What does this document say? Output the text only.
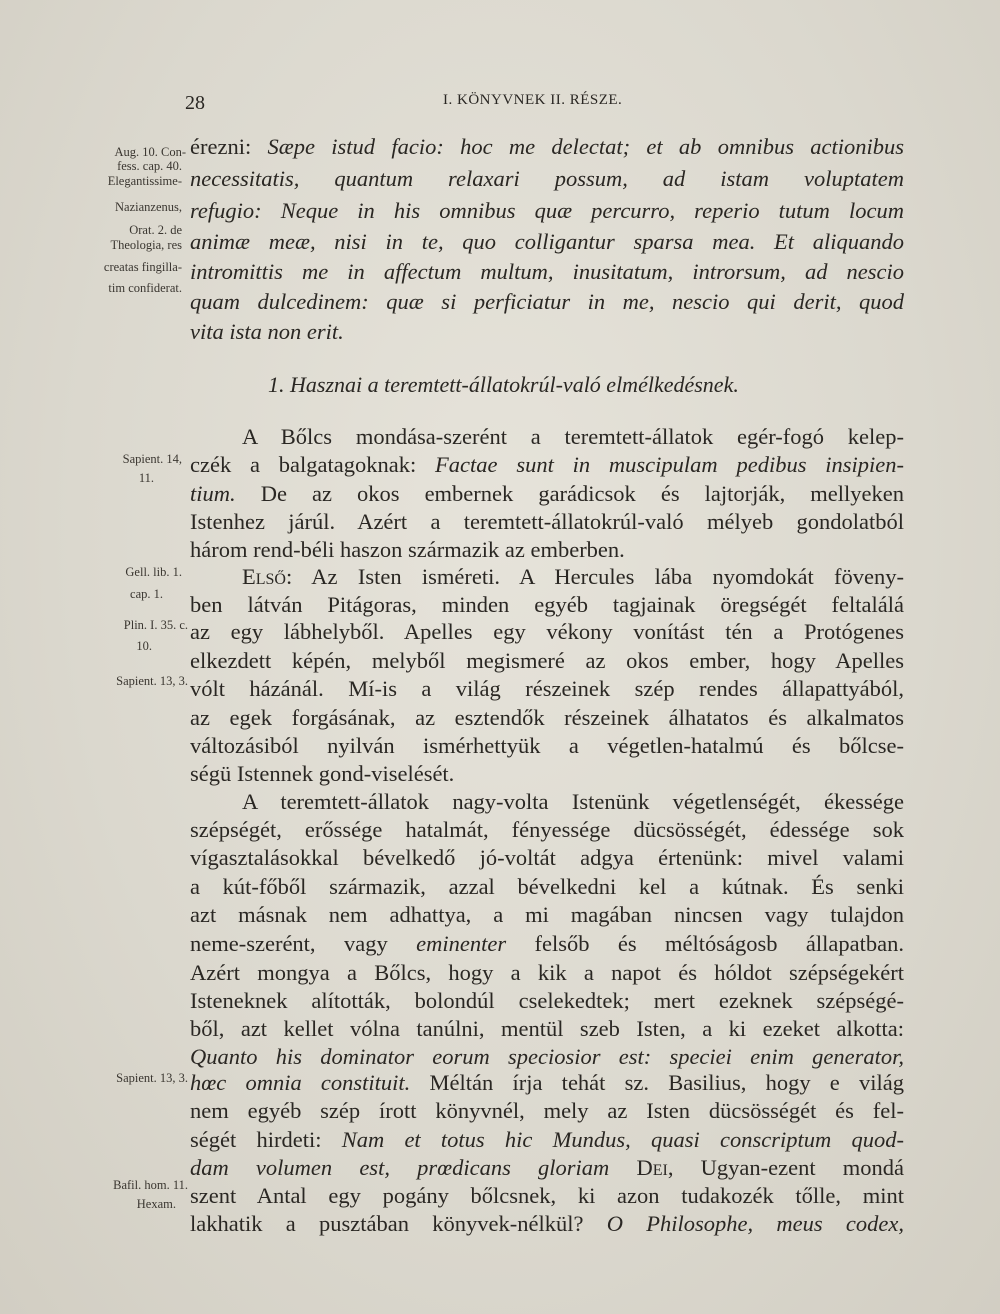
28	I. KÖNYVNEK II. RÉSZE.
Aug. 10. Con-
fess. cap. 40.
Elegantissime-
Nazianzenus,
Orat. 2. de
Theologia, res
creatas fingilla-
tim confiderat.
Sapient. 14,
11.
Gell. lib. 1.
cap. 1.
Plin. I. 35. c.
10.
Sapient. 13, 3.
Sapient. 13, 3.
Bafil. hom. 11.
Hexam.
érezni: Sæpe istud facio: hoc me delectat; et ab omnibus actionibus
necessitatis, quantum relaxari possum, ad istam voluptatem
refugio: Neque in his omnibus quæ percurro, reperio tutum locum
animæ meæ, nisi in te, quo colligantur sparsa mea. Et aliquando
intromittis me in affectum multum, inusitatum, introrsum, ad nescio
quam dulcedinem: quæ si perficiatur in me, nescio qui derit, quod
vita ista non erit.
1. Hasznai a teremtett-állatokrúl-való elmélkedésnek.
A Bőlcs mondása-szerént a teremtett-állatok egér-fogó kelep-
czék a balgatagoknak: Factae sunt in muscipulam pedibus insipien-
tium. De az okos embernek garádicsok és lajtorják, mellyeken
Istenhez járúl. Azért a teremtett-állatokrúl-való mélyeb gondolatból
három rend-béli haszon származik az emberben.
Első: Az Isten isméreti. A Hercules lába nyomdokát föveny-
ben látván Pitágoras, minden egyéb tagjainak öregségét feltalálá
az egy lábhelyből. Apelles egy vékony vonítást tén a Protógenes
elkezdett képén, melyből megismeré az okos ember, hogy Apelles
vólt házánál. Mí-is a világ részeinek szép rendes állapattyából,
az egek forgásának, az esztendők részeinek álhatatos és alkalmatos
változásiból nyilván ismérhettyük a végetlen-hatalmú és bőlcse-
ségü Istennek gond-viselését.
A teremtett-állatok nagy-volta Istenünk végetlenségét, ékessége
szépségét, erőssége hatalmát, fényessége dücsösségét, édessége sok
vígasztalásokkal bévelkedő jó-voltát adgya értenünk: mivel valami
a kút-főből származik, azzal bévelkedni kel a kútnak. És senki
azt másnak nem adhattya, a mi magában nincsen vagy tulajdon
neme-szerént, vagy eminenter felsőb és méltóságosb állapatban.
Azért mongya a Bőlcs, hogy a kik a napot és hóldot szépségekért
Isteneknek alították, bolondúl cselekedtek; mert ezeknek szépségé-
ből, azt kellet vólna tanúlni, mentül szeb Isten, a ki ezeket alkotta:
Quanto his dominator eorum speciosior est: speciei enim generator,
hœc omnia constituit. Méltán írja tehát sz. Basilius, hogy e világ
nem egyéb szép írott könyvnél, mely az Isten dücsösségét és fel-
ségét hirdeti: Nam et totus hic Mundus, quasi conscriptum quod-
dam volumen est, prœdicans gloriam Dei, Ugyan-ezent mondá
szent Antal egy pogány bőlcsnek, ki azon tudakozék tőlle, mint
lakhatik a pusztában könyvek-nélkül? O Philosophe, meus codex,
